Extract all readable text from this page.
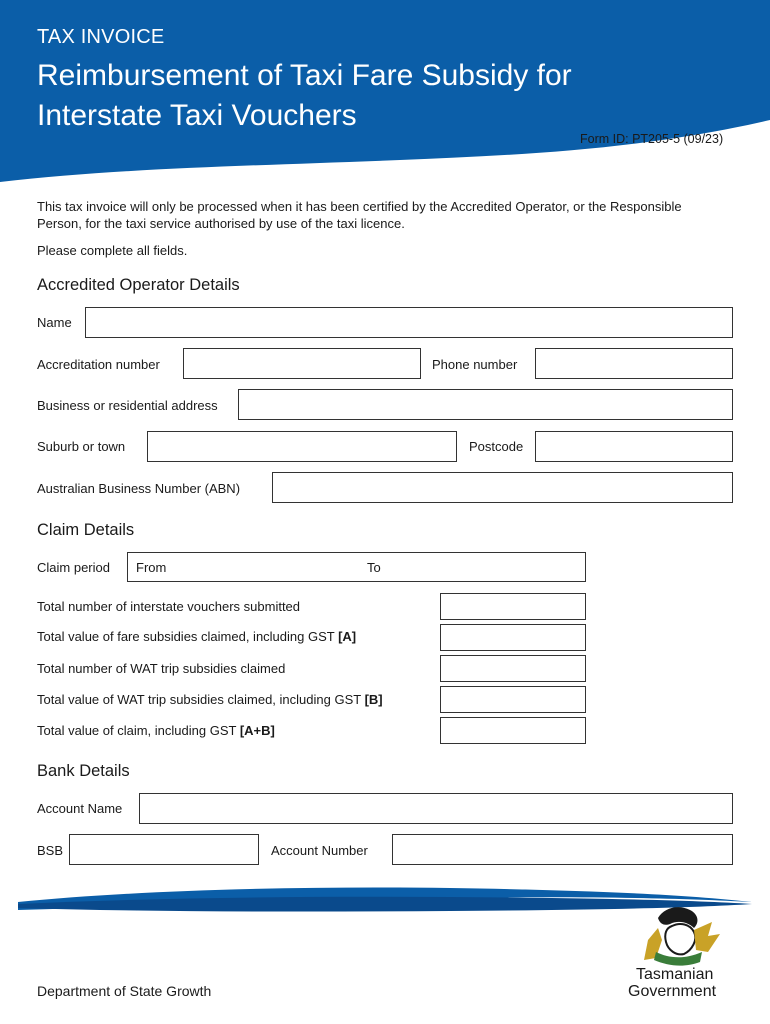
TAX INVOICE
Reimbursement of Taxi Fare Subsidy for
Interstate Taxi Vouchers
Form ID: PT205-5 (09/23)
This tax invoice will only be processed when it has been certified by the Accredited Operator, or the Responsible Person, for the taxi service authorised by use of the taxi licence.
Please complete all fields.
Accredited Operator Details
Name
Accreditation number	Phone number
Business or residential address
Suburb or town	Postcode
Australian Business Number (ABN)
Claim Details
Claim period From	To
Total number of interstate vouchers submitted
Total value of fare subsidies claimed, including GST [A]
Total number of WAT trip subsidies claimed
Total value of WAT trip subsidies claimed, including GST [B]
Total value of claim, including GST [A+B]
Bank Details
Account Name
BSB	Account Number
Department of State Growth
Tasmanian
Government
